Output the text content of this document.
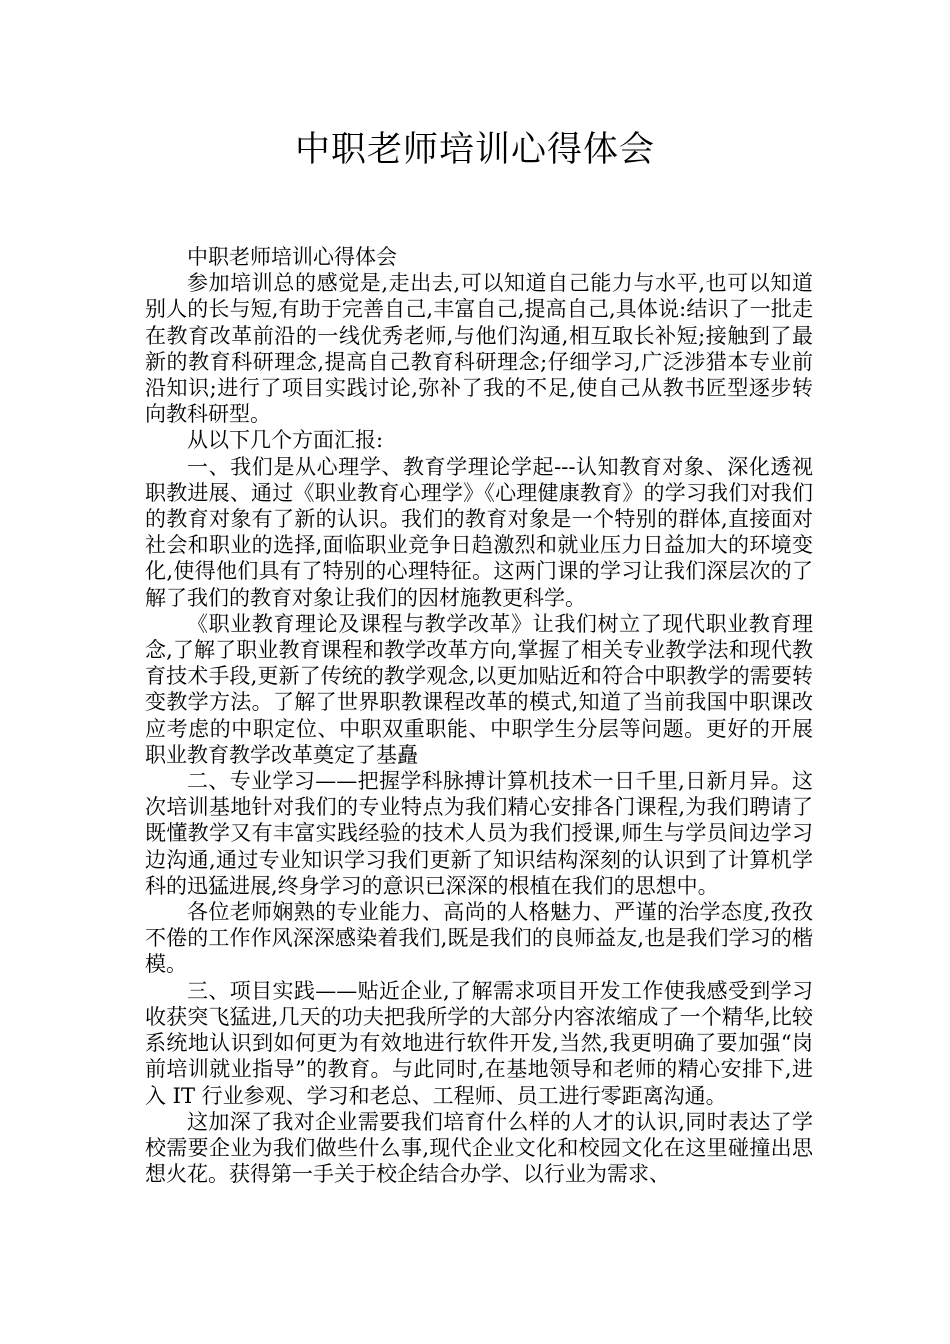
中职老师培训心得体会

中职老师培训心得体会

参加培训总的感觉是,走出去,可以知道自己能力与水平,也可以知道别人的长与短,有助于完善自己,丰富自己,提高自己,具体说:结识了一批走在教育改革前沿的一线优秀老师,与他们沟通,相互取长补短;接触到了最新的教育科研理念,提高自己教育科研理念;仔细学习,广泛涉猎本专业前沿知识;进行了项目实践讨论,弥补了我的不足,使自己从教书匠型逐步转向教科研型。

从以下几个方面汇报:

一、我们是从心理学、教育学理论学起---认知教育对象、深化透视职教进展、通过《职业教育心理学》《心理健康教育》的学习我们对我们的教育对象有了新的认识。我们的教育对象是一个特别的群体,直接面对社会和职业的选择,面临职业竞争日趋激烈和就业压力日益加大的环境变化,使得他们具有了特别的心理特征。这两门课的学习让我们深层次的了解了我们的教育对象让我们的因材施教更科学。

《职业教育理论及课程与教学改革》让我们树立了现代职业教育理念,了解了职业教育课程和教学改革方向,掌握了相关专业教学法和现代教育技术手段,更新了传统的教学观念,以更加贴近和符合中职教学的需要转变教学方法。了解了世界职教课程改革的模式,知道了当前我国中职课改应考虑的中职定位、中职双重职能、中职学生分层等问题。更好的开展职业教育教学改革奠定了基矗

二、专业学习——把握学科脉搏计算机技术一日千里,日新月异。这次培训基地针对我们的专业特点为我们精心安排各门课程,为我们聘请了既懂教学又有丰富实践经验的技术人员为我们授课,师生与学员间边学习边沟通,通过专业知识学习我们更新了知识结构深刻的认识到了计算机学科的迅猛进展,终身学习的意识已深深的根植在我们的思想中。

各位老师娴熟的专业能力、高尚的人格魅力、严谨的治学态度,孜孜不倦的工作作风深深感染着我们,既是我们的良师益友,也是我们学习的楷模。

三、项目实践——贴近企业,了解需求项目开发工作使我感受到学习收获突飞猛进,几天的功夫把我所学的大部分内容浓缩成了一个精华,比较系统地认识到如何更为有效地进行软件开发,当然,我更明确了要加强“岗前培训就业指导”的教育。与此同时,在基地领导和老师的精心安排下,进入 IT 行业参观、学习和老总、工程师、员工进行零距离沟通。

这加深了我对企业需要我们培育什么样的人才的认识,同时表达了学校需要企业为我们做些什么事,现代企业文化和校园文化在这里碰撞出思想火花。获得第一手关于校企结合办学、以行业为需求、
